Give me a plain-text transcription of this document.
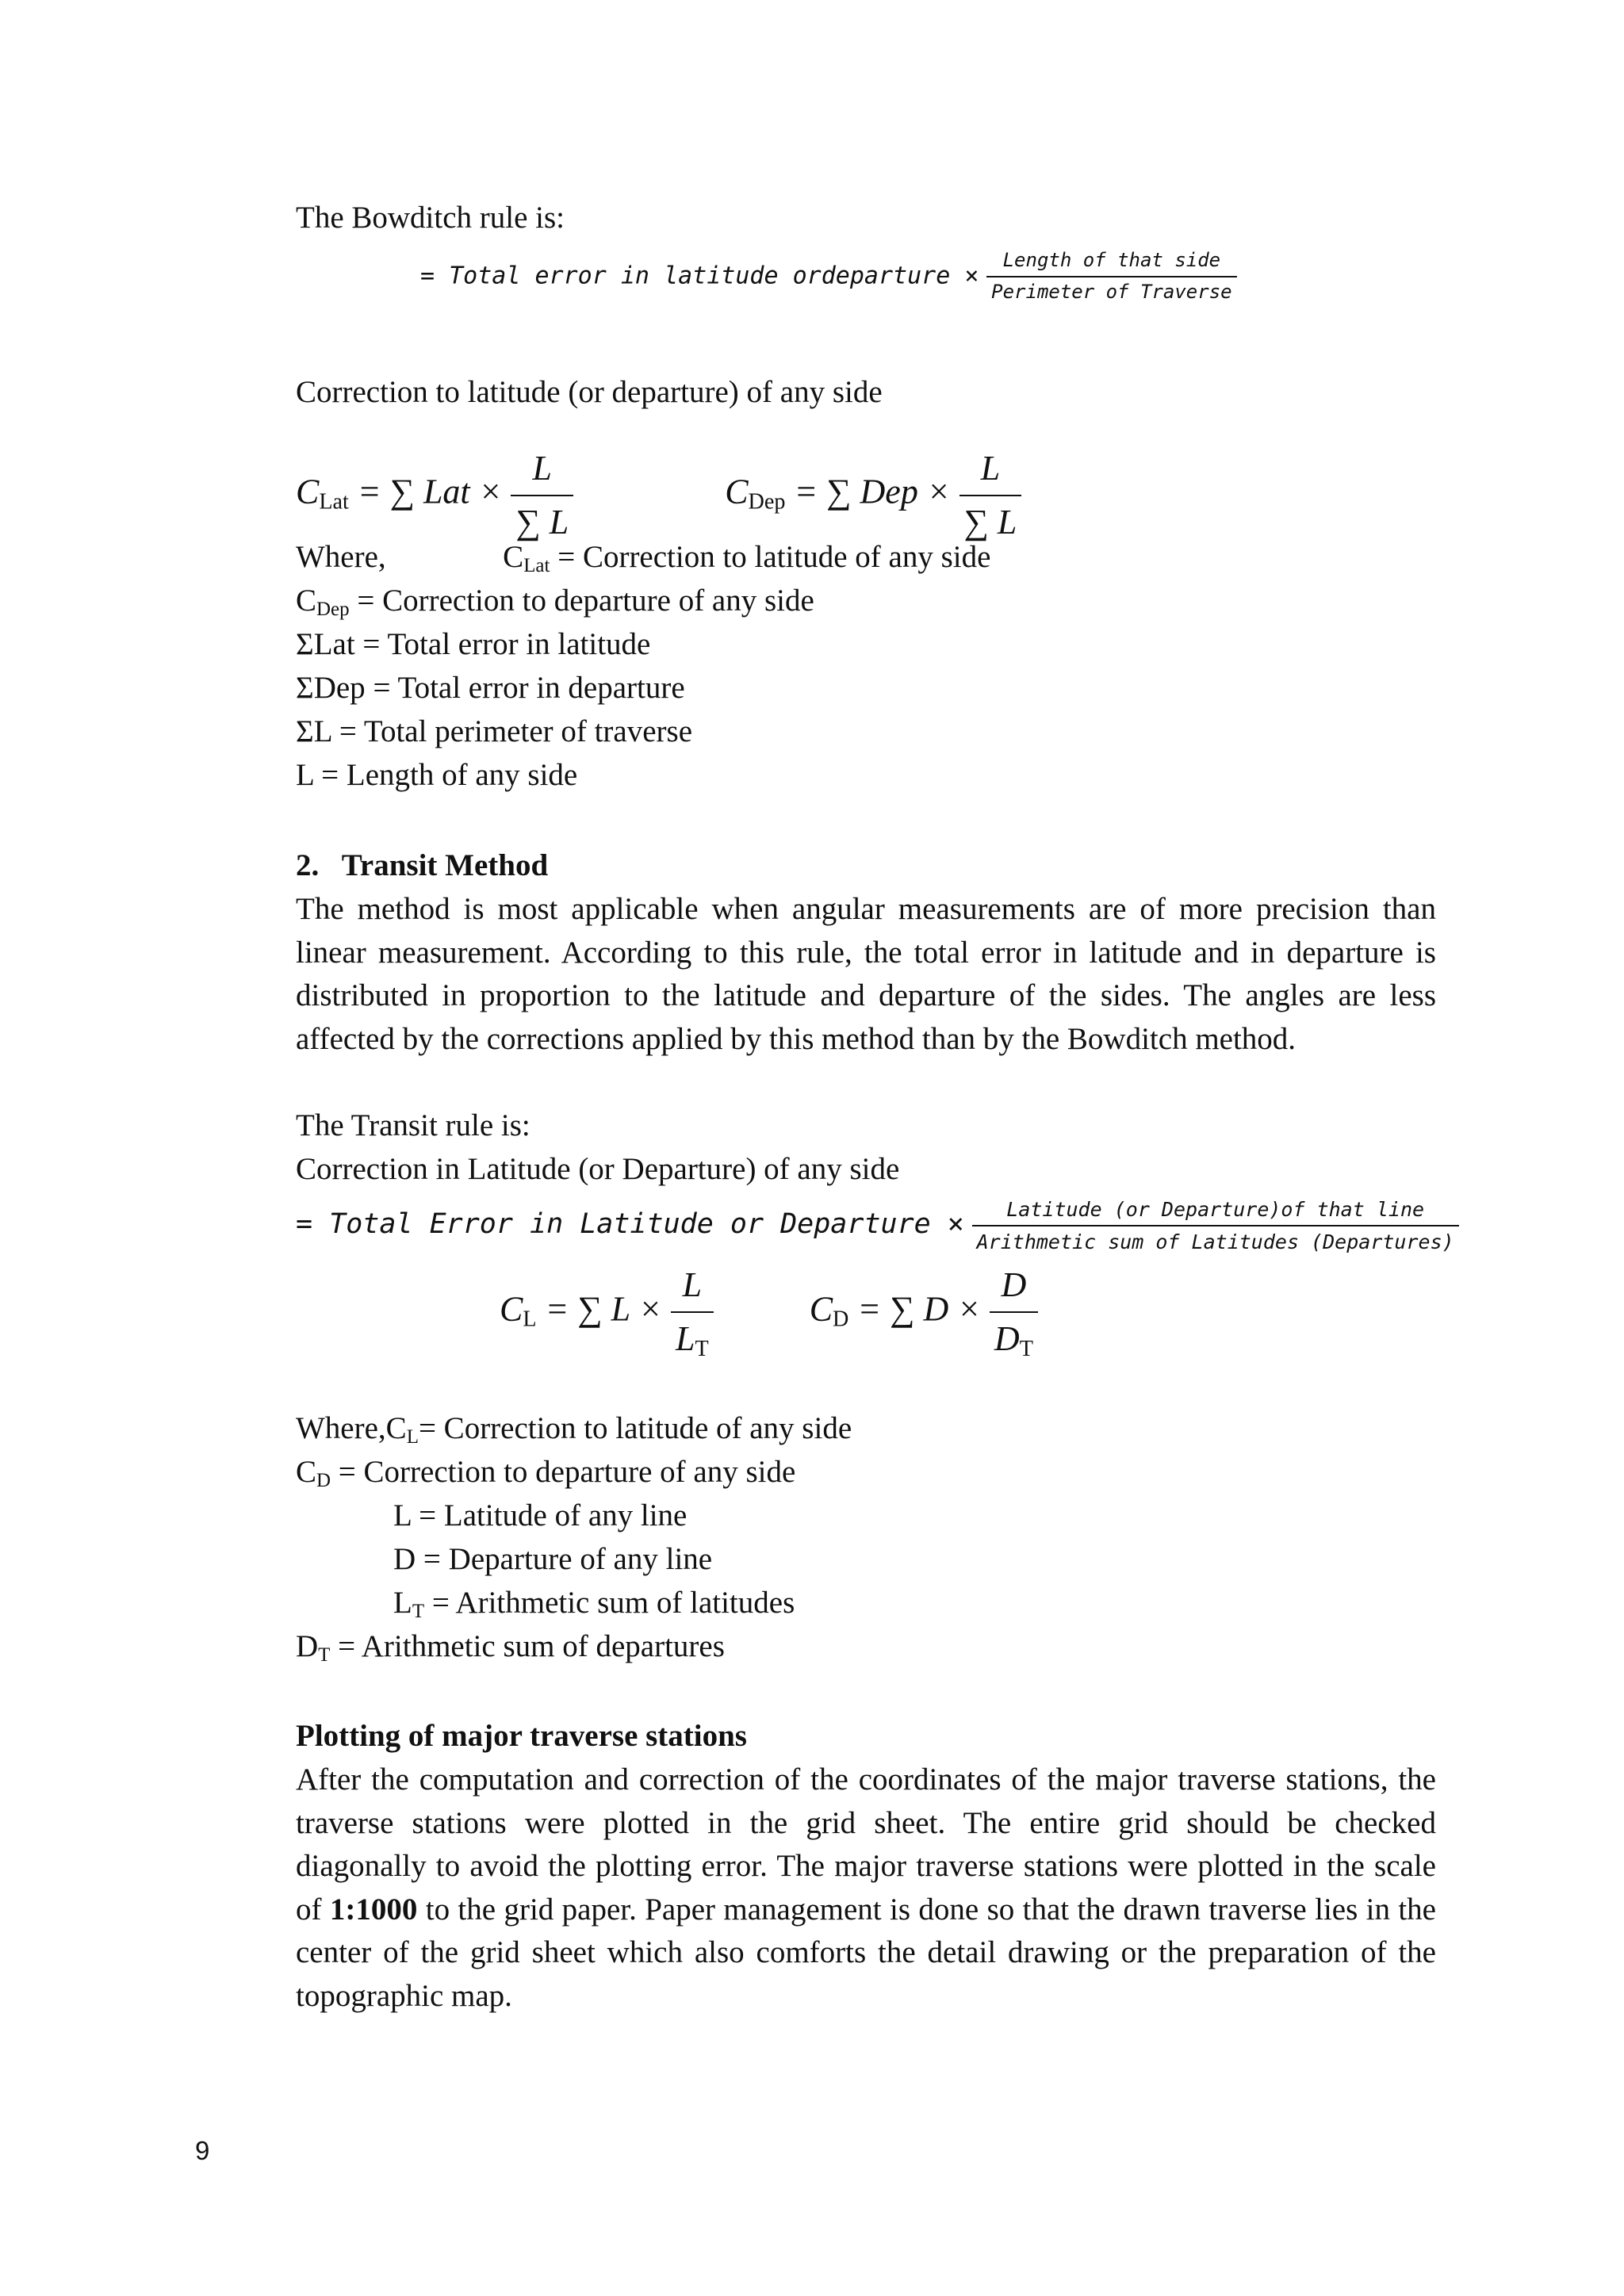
The Bowditch rule is:
= Total error in latitude ordeparture × $\frac{\text{Length of that side}}{\text{Perimeter of Traverse}}$
Correction to latitude (or departure) of any side
$C_{Lat}$ = ∑ Lat × $\frac{L}{\sum L}$	$C_{Dep}$ = ∑ Dep × $\frac{L}{\sum L}$
Where,	$C_{Lat}$ = Correction to latitude of any side
$C_{Dep}$ = Correction to departure of any side
ΣLat = Total error in latitude
ΣDep = Total error in departure
ΣL = Total perimeter of traverse
L = Length of any side
2.   Transit Method
The method is most applicable when angular measurements are of more precision than linear measurement. According to this rule, the total error in latitude and in departure is distributed in proportion to the latitude and departure of the sides. The angles are less affected by the corrections applied by this method than by the Bowditch method.
The Transit rule is:
Correction in Latitude (or Departure) of any side
= Total Error in Latitude or Departure × $\frac{\text{Latitude (or Departure)of that line}}{\text{Arithmetic sum of Latitudes (Departures)}}$
$C_L$ = ∑ $L \times \frac{L}{L_T}$	$C_D$ = ∑ $D \times \frac{D}{D_T}$
$Where,C_L=$ Correction to latitude of any side
$C_D$ = Correction to departure of any side
L = Latitude of any line
D = Departure of any line
$L_T$ = Arithmetic sum of latitudes
$D_T$ = Arithmetic sum of departures
Plotting of major traverse stations
After the computation and correction of the coordinates of the major traverse stations, the traverse stations were plotted in the grid sheet. The entire grid should be checked diagonally to avoid the plotting error. The major traverse stations were plotted in the scale of 1:1000 to the grid paper. Paper management is done so that the drawn traverse lies in the center of the grid sheet which also comforts the detail drawing or the preparation of the topographic map.
9
